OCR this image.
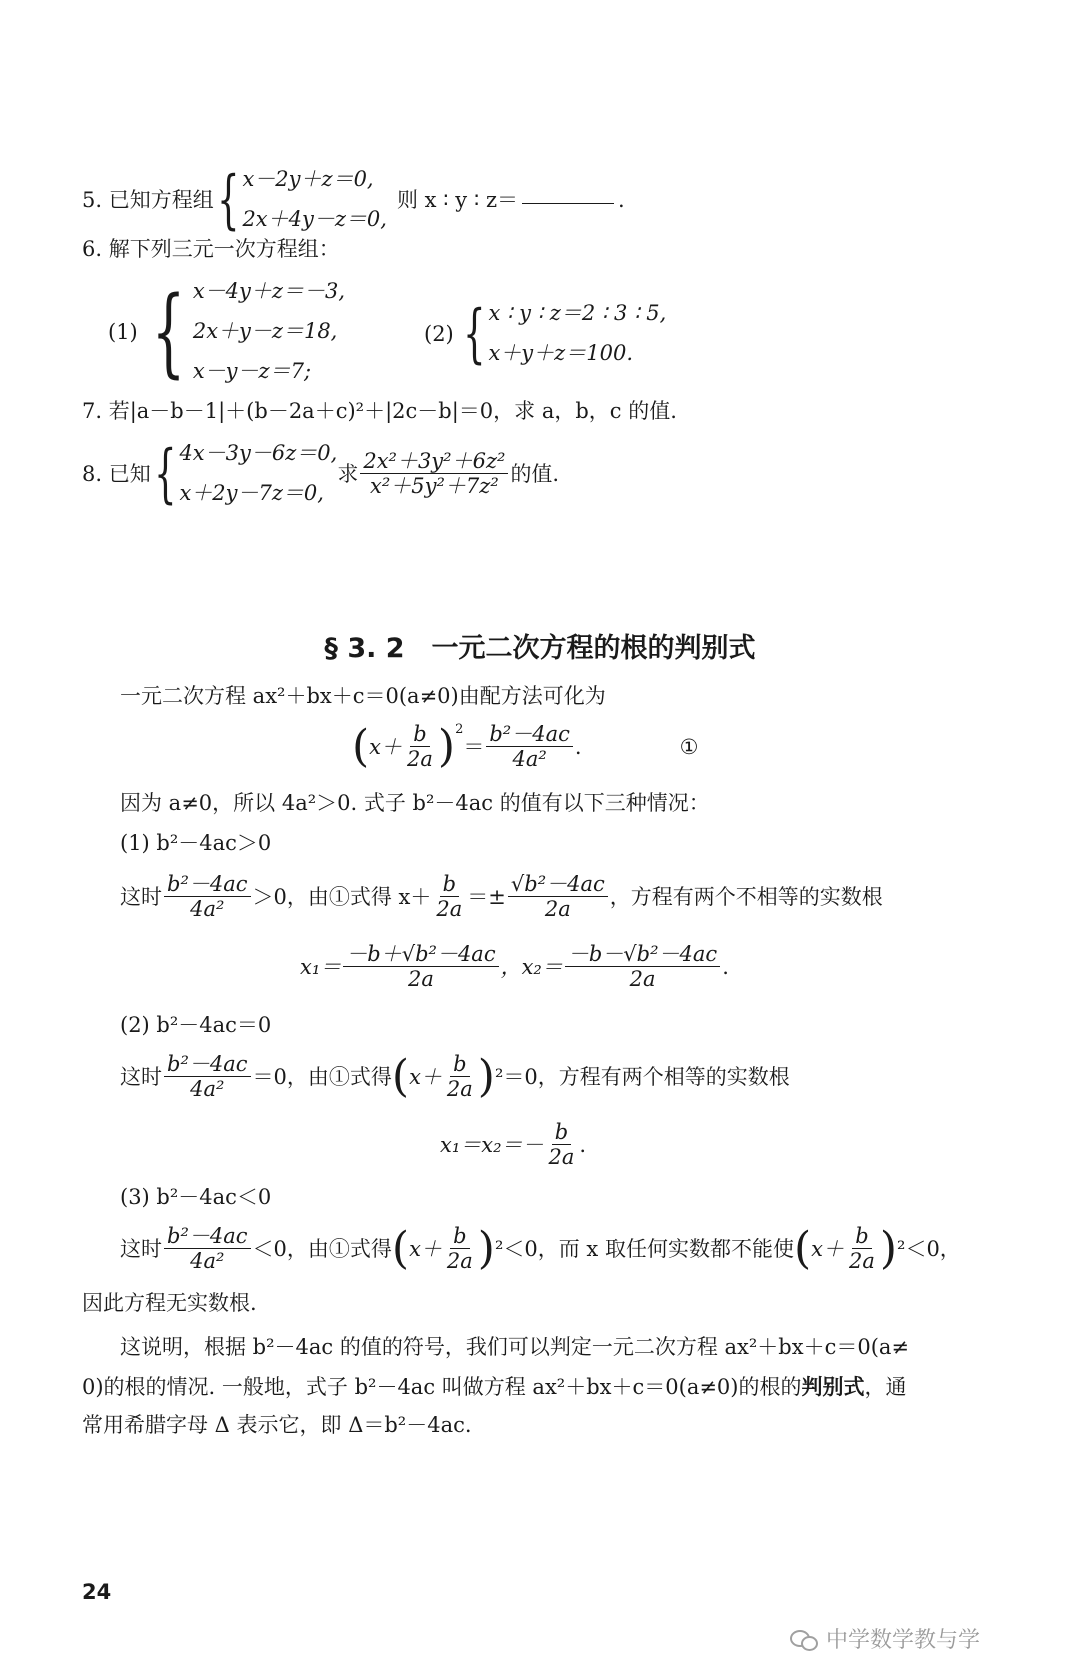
5. 已知方程组 { x－2y＋z＝0,
2x＋4y－z＝0,
则 x ∶ y ∶ z＝	.
6. 解下列三元一次方程组：
(1) { x－4y＋z＝－3,
2x＋y－z＝18,
x－y－z＝7;
(2) { x ∶ y ∶ z＝2 ∶ 3 ∶ 5,
x＋y＋z＝100.
7. 若|a－b－1|＋(b－2a＋c)²＋|2c－b|＝0，求 a，b，c 的值.
8. 已知 { 4x－3y－6z＝0,
x＋2y－7z＝0,
求 $\frac{\text{2x²＋3y²＋6z²}}{\text{x²＋5y²＋7z²}}$ 的值.
§ 3. 2　一元二次方程的根的判别式
一元二次方程 ax²＋bx＋c＝0(a≠0)由配方法可化为
( $x+ \frac{b}{2a}$ ) 2
＝ $\frac{\text{b²－4ac}}{\text{4a²}}$ .	①
因为 a≠0，所以 4a²＞0. 式子 b²－4ac 的值有以下三种情况：
(1) b²－4ac＞0
这时 $\frac{\text{b²－4ac}}{\text{4a²}} >0$，由①式得 $x+ \frac{b}{2a} =\pm \frac{\text{√b²－4ac}}{2a}$ ，方程有两个不相等的实数根
$x_1= \frac{\text{－b＋√b²－4ac}}{2a}$ ，$x_2= \frac{\text{－b－√b²－4ac}}{2a}$ .
(2) b²－4ac＝0
这时 $\frac{\text{b²－4ac}}{\text{4a²}} =0$，由①式得 ( $x+ \frac{b}{2a}$ ) ²＝0，方程有两个相等的实数根
$x_1=x_2=- \frac{b}{2a}$ .
(3) b²－4ac＜0
这时 $\frac{\text{b²－4ac}}{\text{4a²}} <0$，由①式得 ( $x+ \frac{b}{2a}$ ) ²＜0，而 x 取任何实数都不能使 ( $x+ \frac{b}{2a}$ ) ²＜0，
因此方程无实数根.
这说明，根据 b²－4ac 的值的符号，我们可以判定一元二次方程 ax²＋bx＋c＝0(a≠
0)的根的情况. 一般地，式子 b²－4ac 叫做方程 ax²＋bx＋c＝0(a≠0)的根的判别式，通
常用希腊字母 Δ 表示它，即 Δ＝b²－4ac.
24
中学数学教与学
